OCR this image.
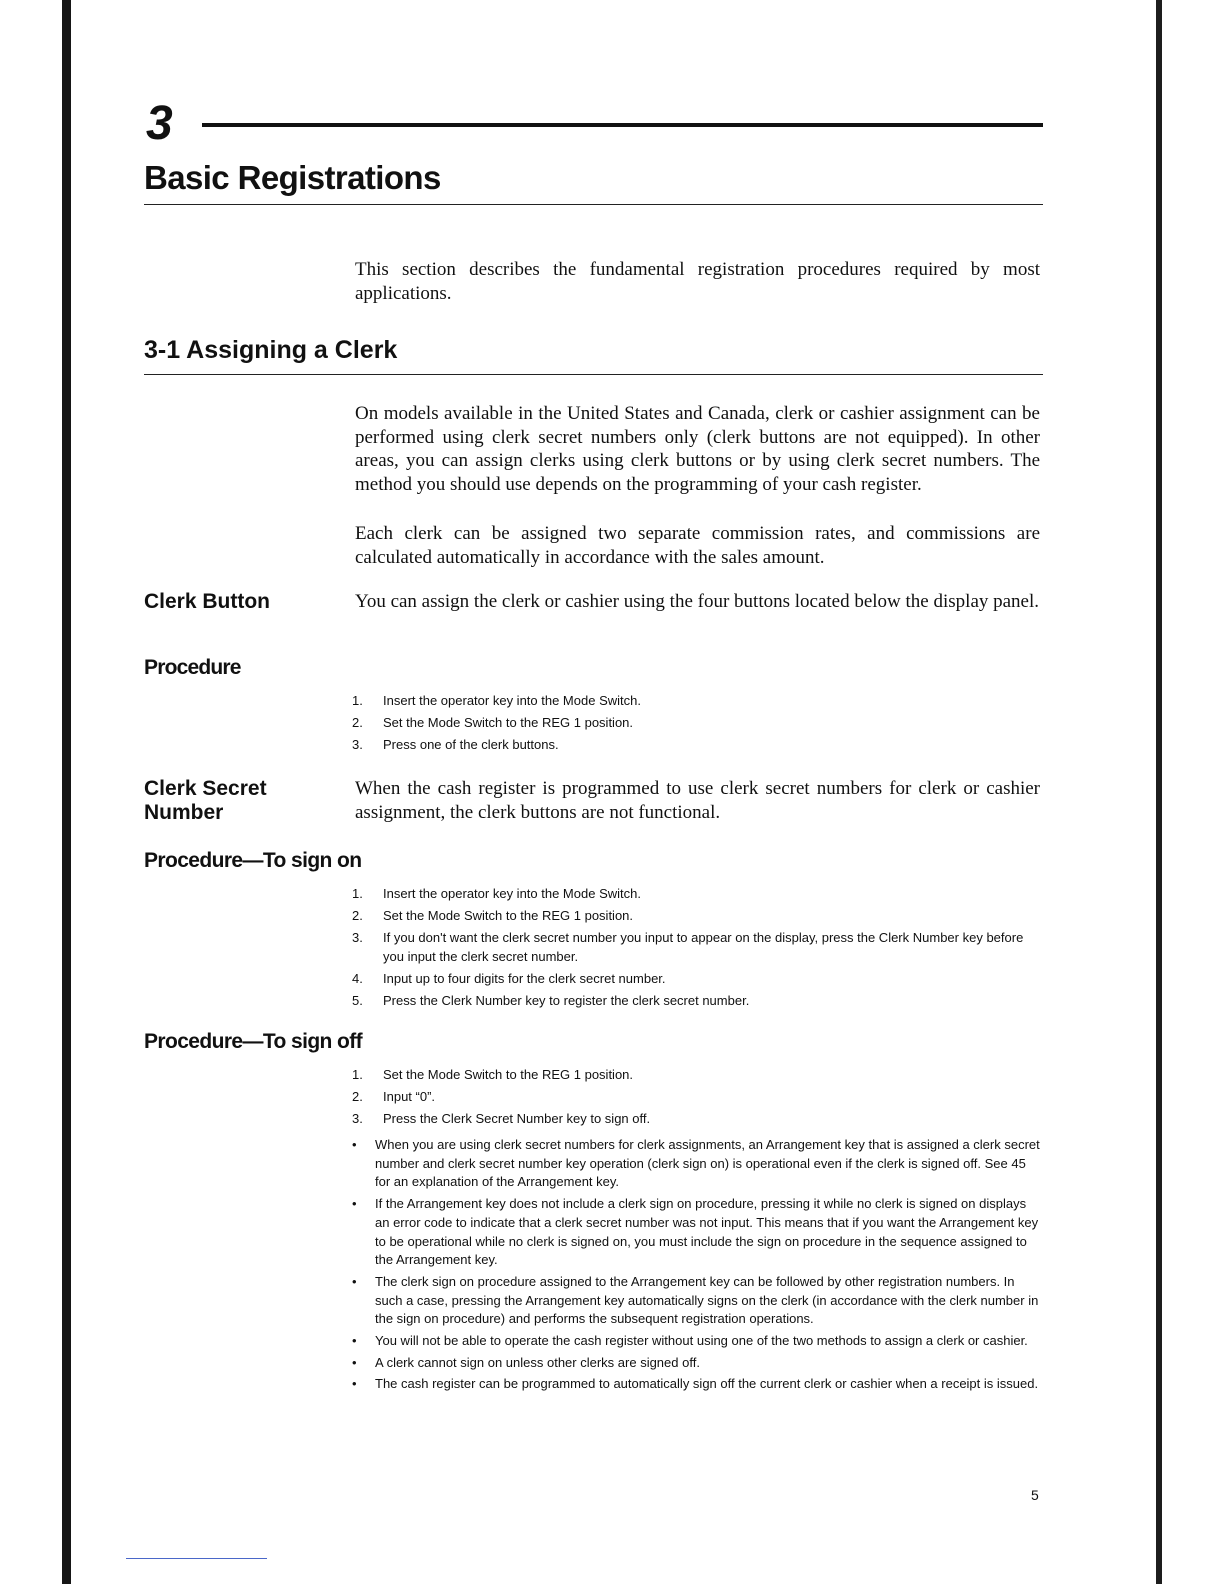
3
Basic Registrations

This section describes the fundamental registration procedures required by most applications.

3-1 Assigning a Clerk

On models available in the United States and Canada, clerk or cashier assignment can be performed using clerk secret numbers only (clerk buttons are not equipped). In other areas, you can assign clerks using clerk buttons or by using clerk secret numbers. The method you should use depends on the programming of your cash register.

Each clerk can be assigned two separate commission rates, and commissions are calculated automatically in accordance with the sales amount.

Clerk Button	You can assign the clerk or cashier using the four buttons located below the display panel.

Procedure
1. Insert the operator key into the Mode Switch.
2. Set the Mode Switch to the REG 1 position.
3. Press one of the clerk buttons.
Clerk Secret
Number

When the cash register is programmed to use clerk secret numbers for clerk or cashier assignment, the clerk buttons are not functional.

Procedure—To sign on
1. Insert the operator key into the Mode Switch.
2. Set the Mode Switch to the REG 1 position.
3. If you don't want the clerk secret number you input to appear on the display, press the Clerk Number key before you input the clerk secret number.
4. Input up to four digits for the clerk secret number.
5. Press the Clerk Number key to register the clerk secret number.
Procedure—To sign off
1. Set the Mode Switch to the REG 1 position.
2. Input “0”.
3. Press the Clerk Secret Number key to sign off.
• When you are using clerk secret numbers for clerk assignments, an Arrangement key that is assigned a clerk secret number and clerk secret number key operation (clerk sign on) is operational even if the clerk is signed off. See 45 for an explanation of the Arrangement key.
• If the Arrangement key does not include a clerk sign on procedure, pressing it while no clerk is signed on displays an error code to indicate that a clerk secret number was not input. This means that if you want the Arrangement key to be operational while no clerk is signed on, you must include the sign on procedure in the sequence assigned to the Arrangement key.
• The clerk sign on procedure assigned to the Arrangement key can be followed by other registration numbers. In such a case, pressing the Arrangement key automatically signs on the clerk (in accordance with the clerk number in the sign on procedure) and performs the subsequent registration operations.
• You will not be able to operate the cash register without using one of the two methods to assign a clerk or cashier.
• A clerk cannot sign on unless other clerks are signed off.
• The cash register can be programmed to automatically sign off the current clerk or cashier when a receipt is issued.
5
